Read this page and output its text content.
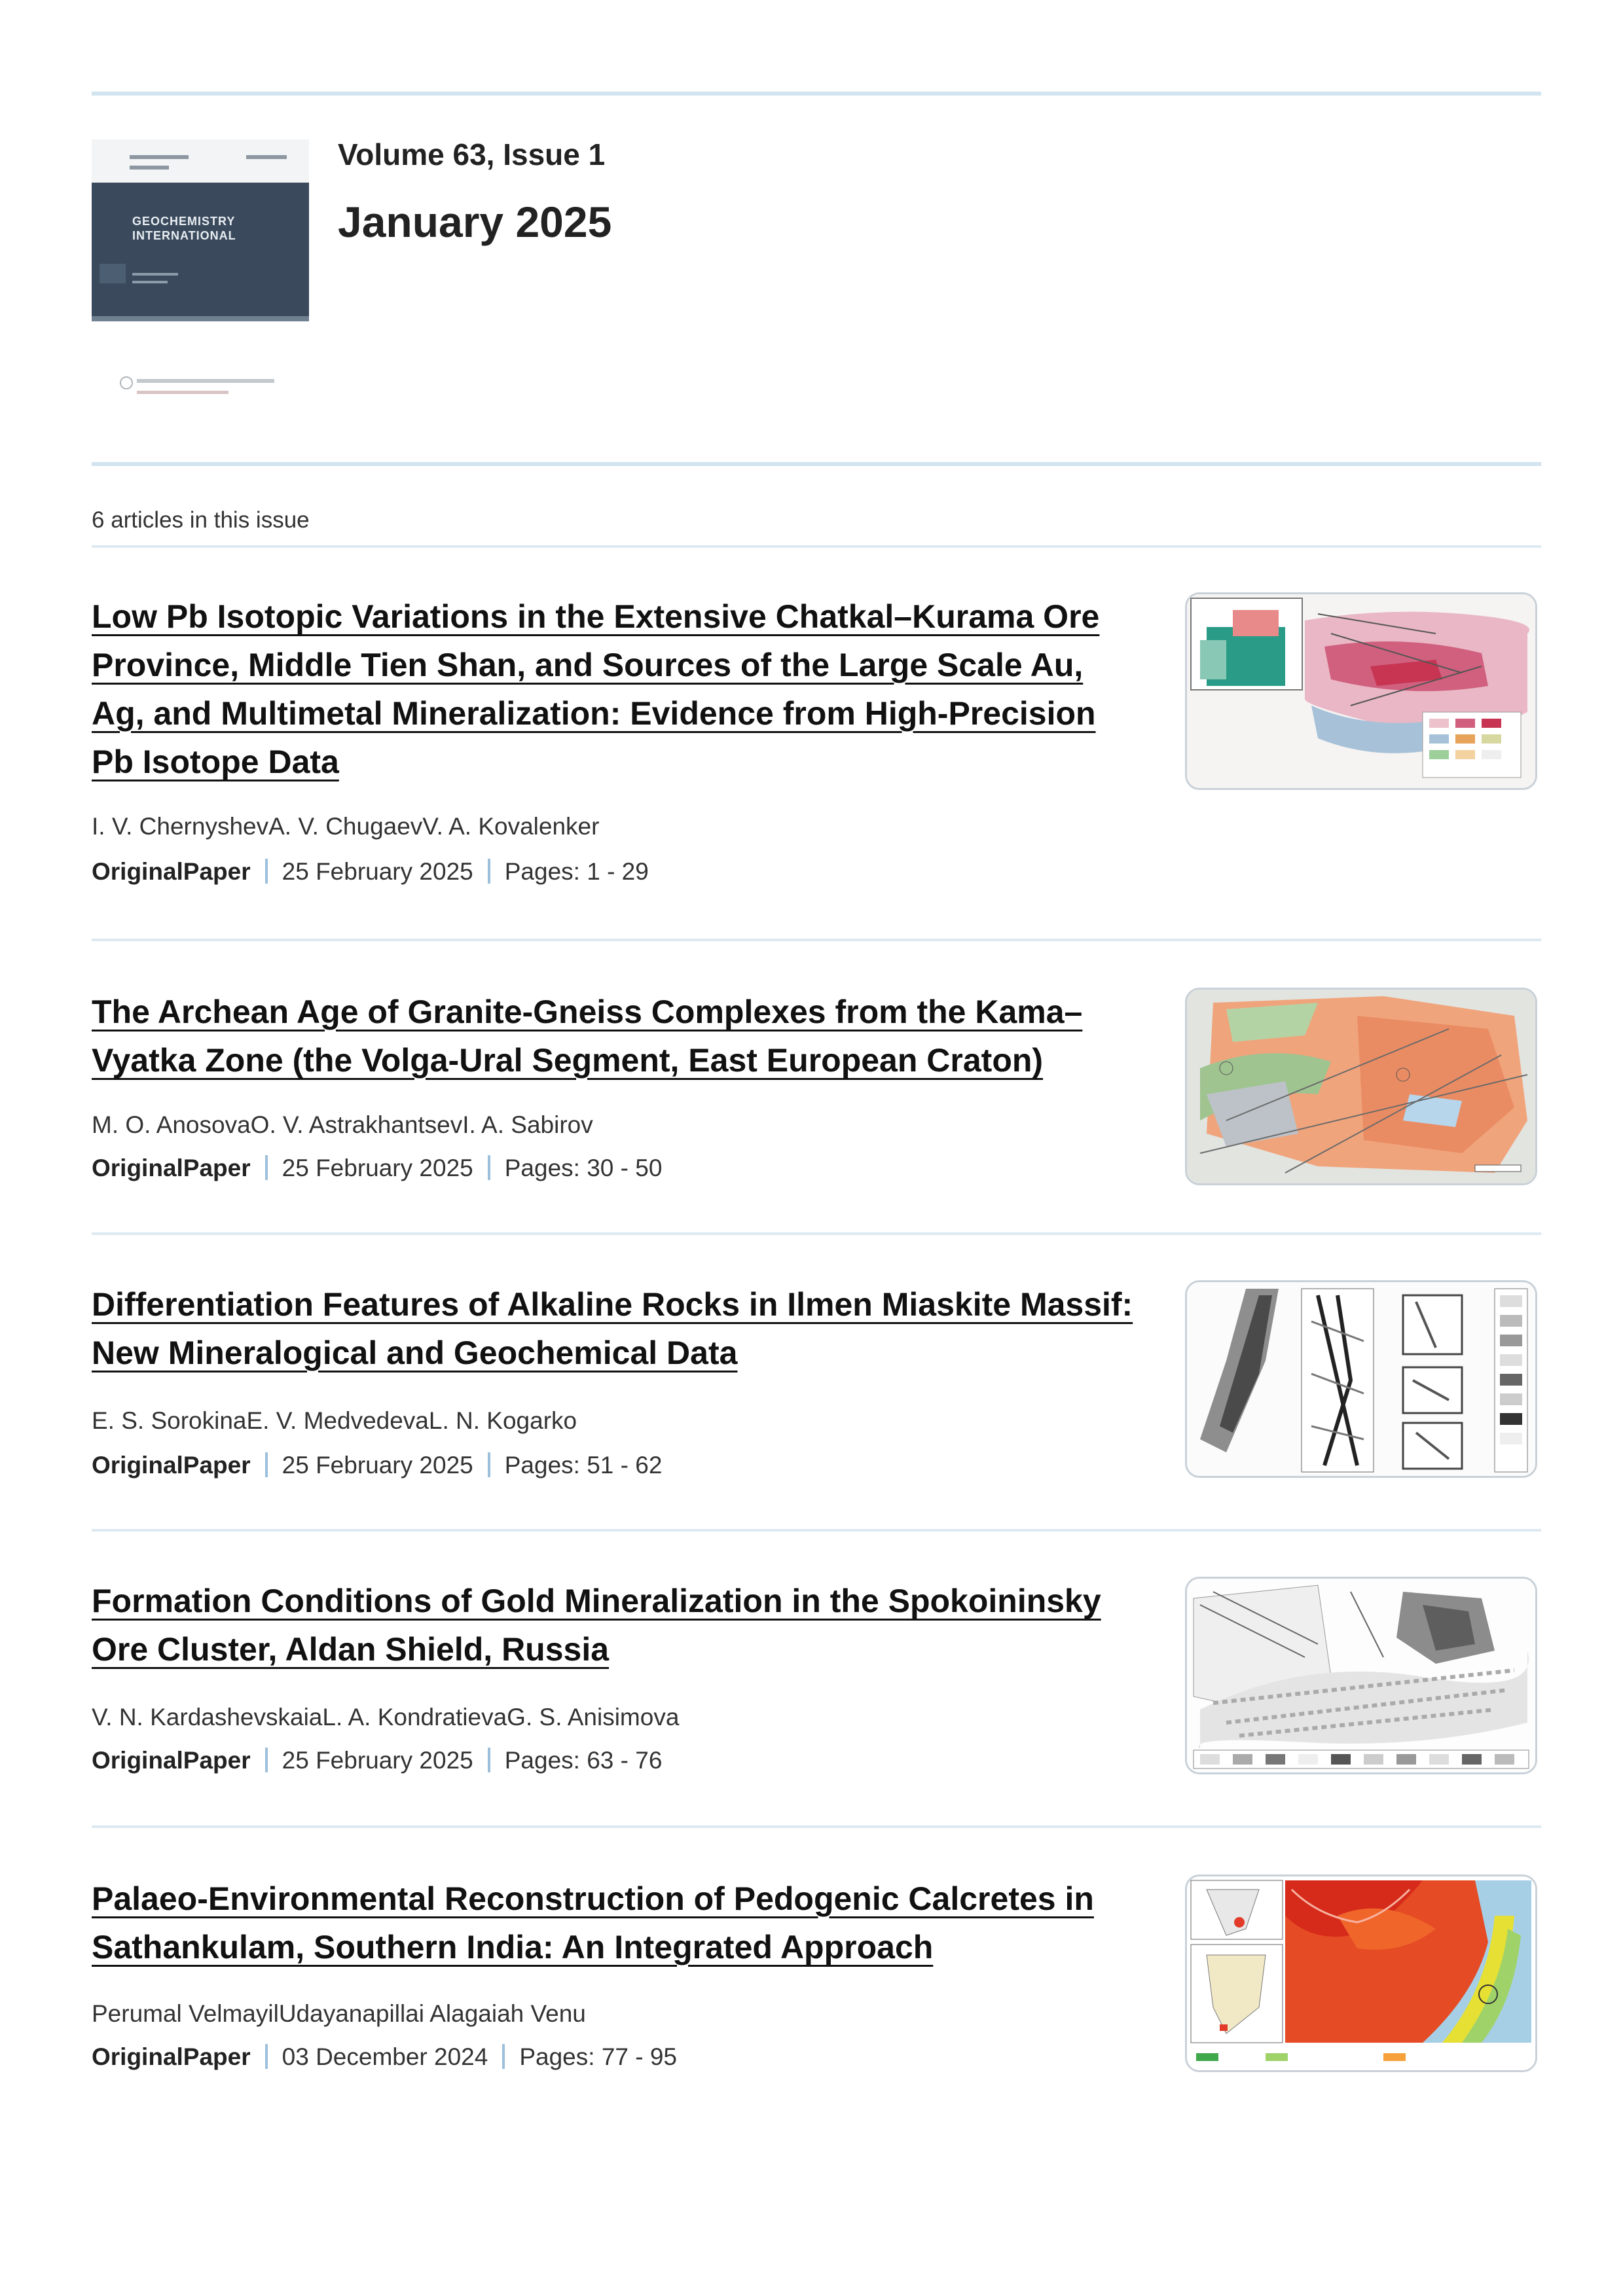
GEOCHEMISTRY
INTERNATIONAL
Volume 63, Issue 1
January 2025
6 articles in this issue
Low Pb Isotopic Variations in the Extensive Chatkal–Kurama Ore Province, Middle Tien Shan, and Sources of the Large Scale Au, Ag, and Multimetal Mineralization: Evidence from High-Precision Pb Isotope Data
I. V. ChernyshevA. V. ChugaevV. A. Kovalenker
OriginalPaper 25 February 2025 Pages: 1 - 29
The Archean Age of Granite-Gneiss Complexes from the Kama–Vyatka Zone (the Volga-Ural Segment, East European Craton)
M. O. AnosovaO. V. AstrakhantsevI. A. Sabirov
OriginalPaper 25 February 2025 Pages: 30 - 50
Differentiation Features of Alkaline Rocks in Ilmen Miaskite Massif: New Mineralogical and Geochemical Data
E. S. SorokinaE. V. MedvedevaL. N. Kogarko
OriginalPaper 25 February 2025 Pages: 51 - 62
Formation Conditions of Gold Mineralization in the Spokoininsky Ore Cluster, Aldan Shield, Russia
V. N. KardashevskaiaL. A. KondratievaG. S. Anisimova
OriginalPaper 25 February 2025 Pages: 63 - 76
Palaeo-Environmental Reconstruction of Pedogenic Calcretes in Sathankulam, Southern India: An Integrated Approach
Perumal VelmayilUdayanapillai Alagaiah Venu
OriginalPaper 03 December 2024 Pages: 77 - 95
